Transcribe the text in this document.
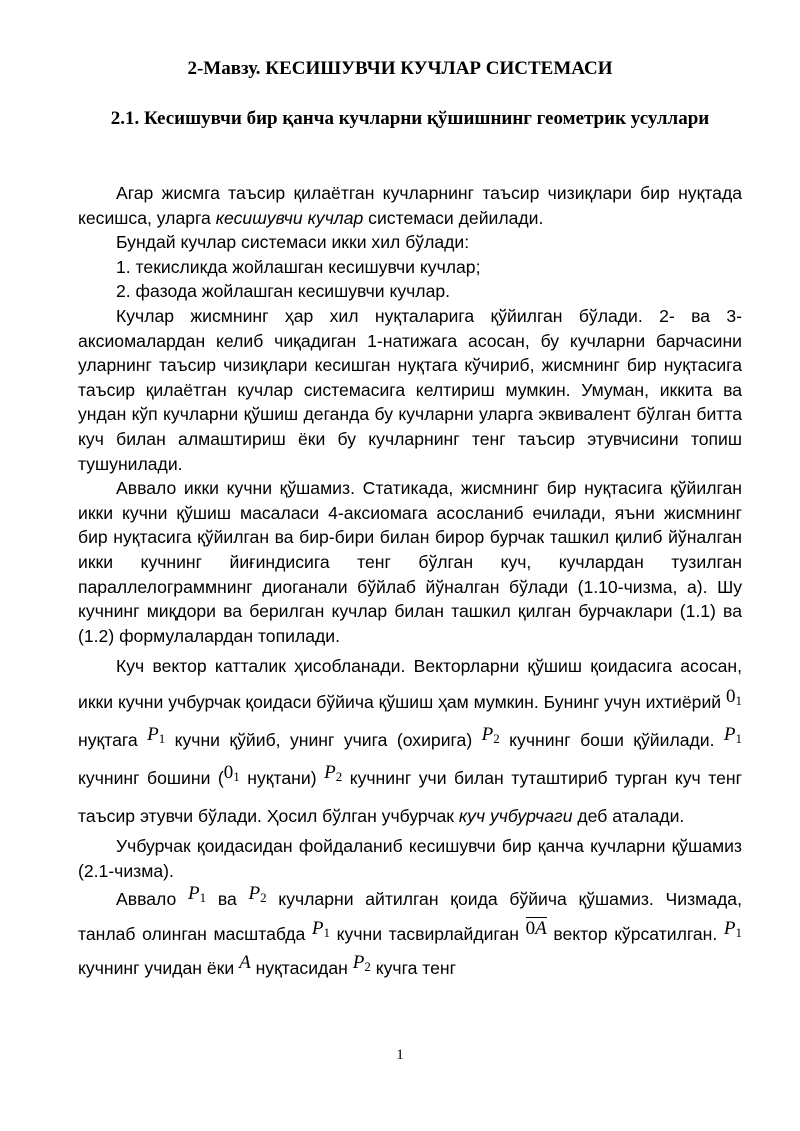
2-Мавзу. КЕСИШУВЧИ КУЧЛАР СИСТЕМАСИ
2.1. Кесишувчи бир қанча кучларни қўшишнинг геометрик усуллари

Агар жисмга таъсир қилаётган кучларнинг таъсир чизиқлари бир нуқтада кесишса, уларга кесишувчи кучлар системаси дейилади.

Бундай кучлар системаси икки хил бўлади:

1. текисликда жойлашган кесишувчи кучлар;

2. фазода жойлашган кесишувчи кучлар.

Кучлар жисмнинг ҳар хил нуқталарига қўйилган бўлади. 2- ва 3-аксиомалардан келиб чиқадиган 1-натижага асосан, бу кучларни барчасини уларнинг таъсир чизиқлари кесишган нуқтага кўчириб, жисмнинг бир нуқтасига таъсир қилаётган кучлар системасига келтириш мумкин. Умуман, иккита ва ундан кўп кучларни қўшиш деганда бу кучларни уларга эквивалент бўлган битта куч билан алмаштириш ёки бу кучларнинг тенг таъсир этувчисини топиш тушунилади.

Аввало икки кучни қўшамиз. Статикада, жисмнинг бир нуқтасига қўйилган икки кучни қўшиш масаласи 4-аксиомага асосланиб ечилади, яъни жисмнинг бир нуқтасига қўйилган ва бир-бири билан бирор бурчак ташкил қилиб йўналган икки кучнинг йиғиндисига тенг бўлган куч, кучлардан тузилган параллелограммнинг диоганали бўйлаб йўналган бўлади (1.10-чизма, а). Шу кучнинг миқдори ва берилган кучлар билан ташкил қилган бурчаклари (1.1) ва (1.2) формулалардан топилади.

Куч вектор катталик ҳисобланади. Векторларни қўшиш қоидасига асосан, икки кучни учбурчак қоидаси бўйича қўшиш ҳам мумкин. Бунинг учун ихтиёрий 01 нуқтага P1 кучни қўйиб, унинг учига (охирига) P2 кучнинг боши қўйилади. P1 кучнинг бошини (01 нуқтани) P2 кучнинг учи билан туташтириб турган куч тенг таъсир этувчи бўлади. Ҳосил бўлган учбурчак куч учбурчаги деб аталади.

Учбурчак қоидасидан фойдаланиб кесишувчи бир қанча кучларни қўшамиз (2.1-чизма).

Аввало P1 ва P2 кучларни айтилган қоида бўйича қўшамиз. Чизмада, танлаб олинган масштабда P1 кучни тасвирлайдиган 0A вектор кўрсатилган. P1 кучнинг учидан ёки A нуқтасидан P2 кучга тенг

1
